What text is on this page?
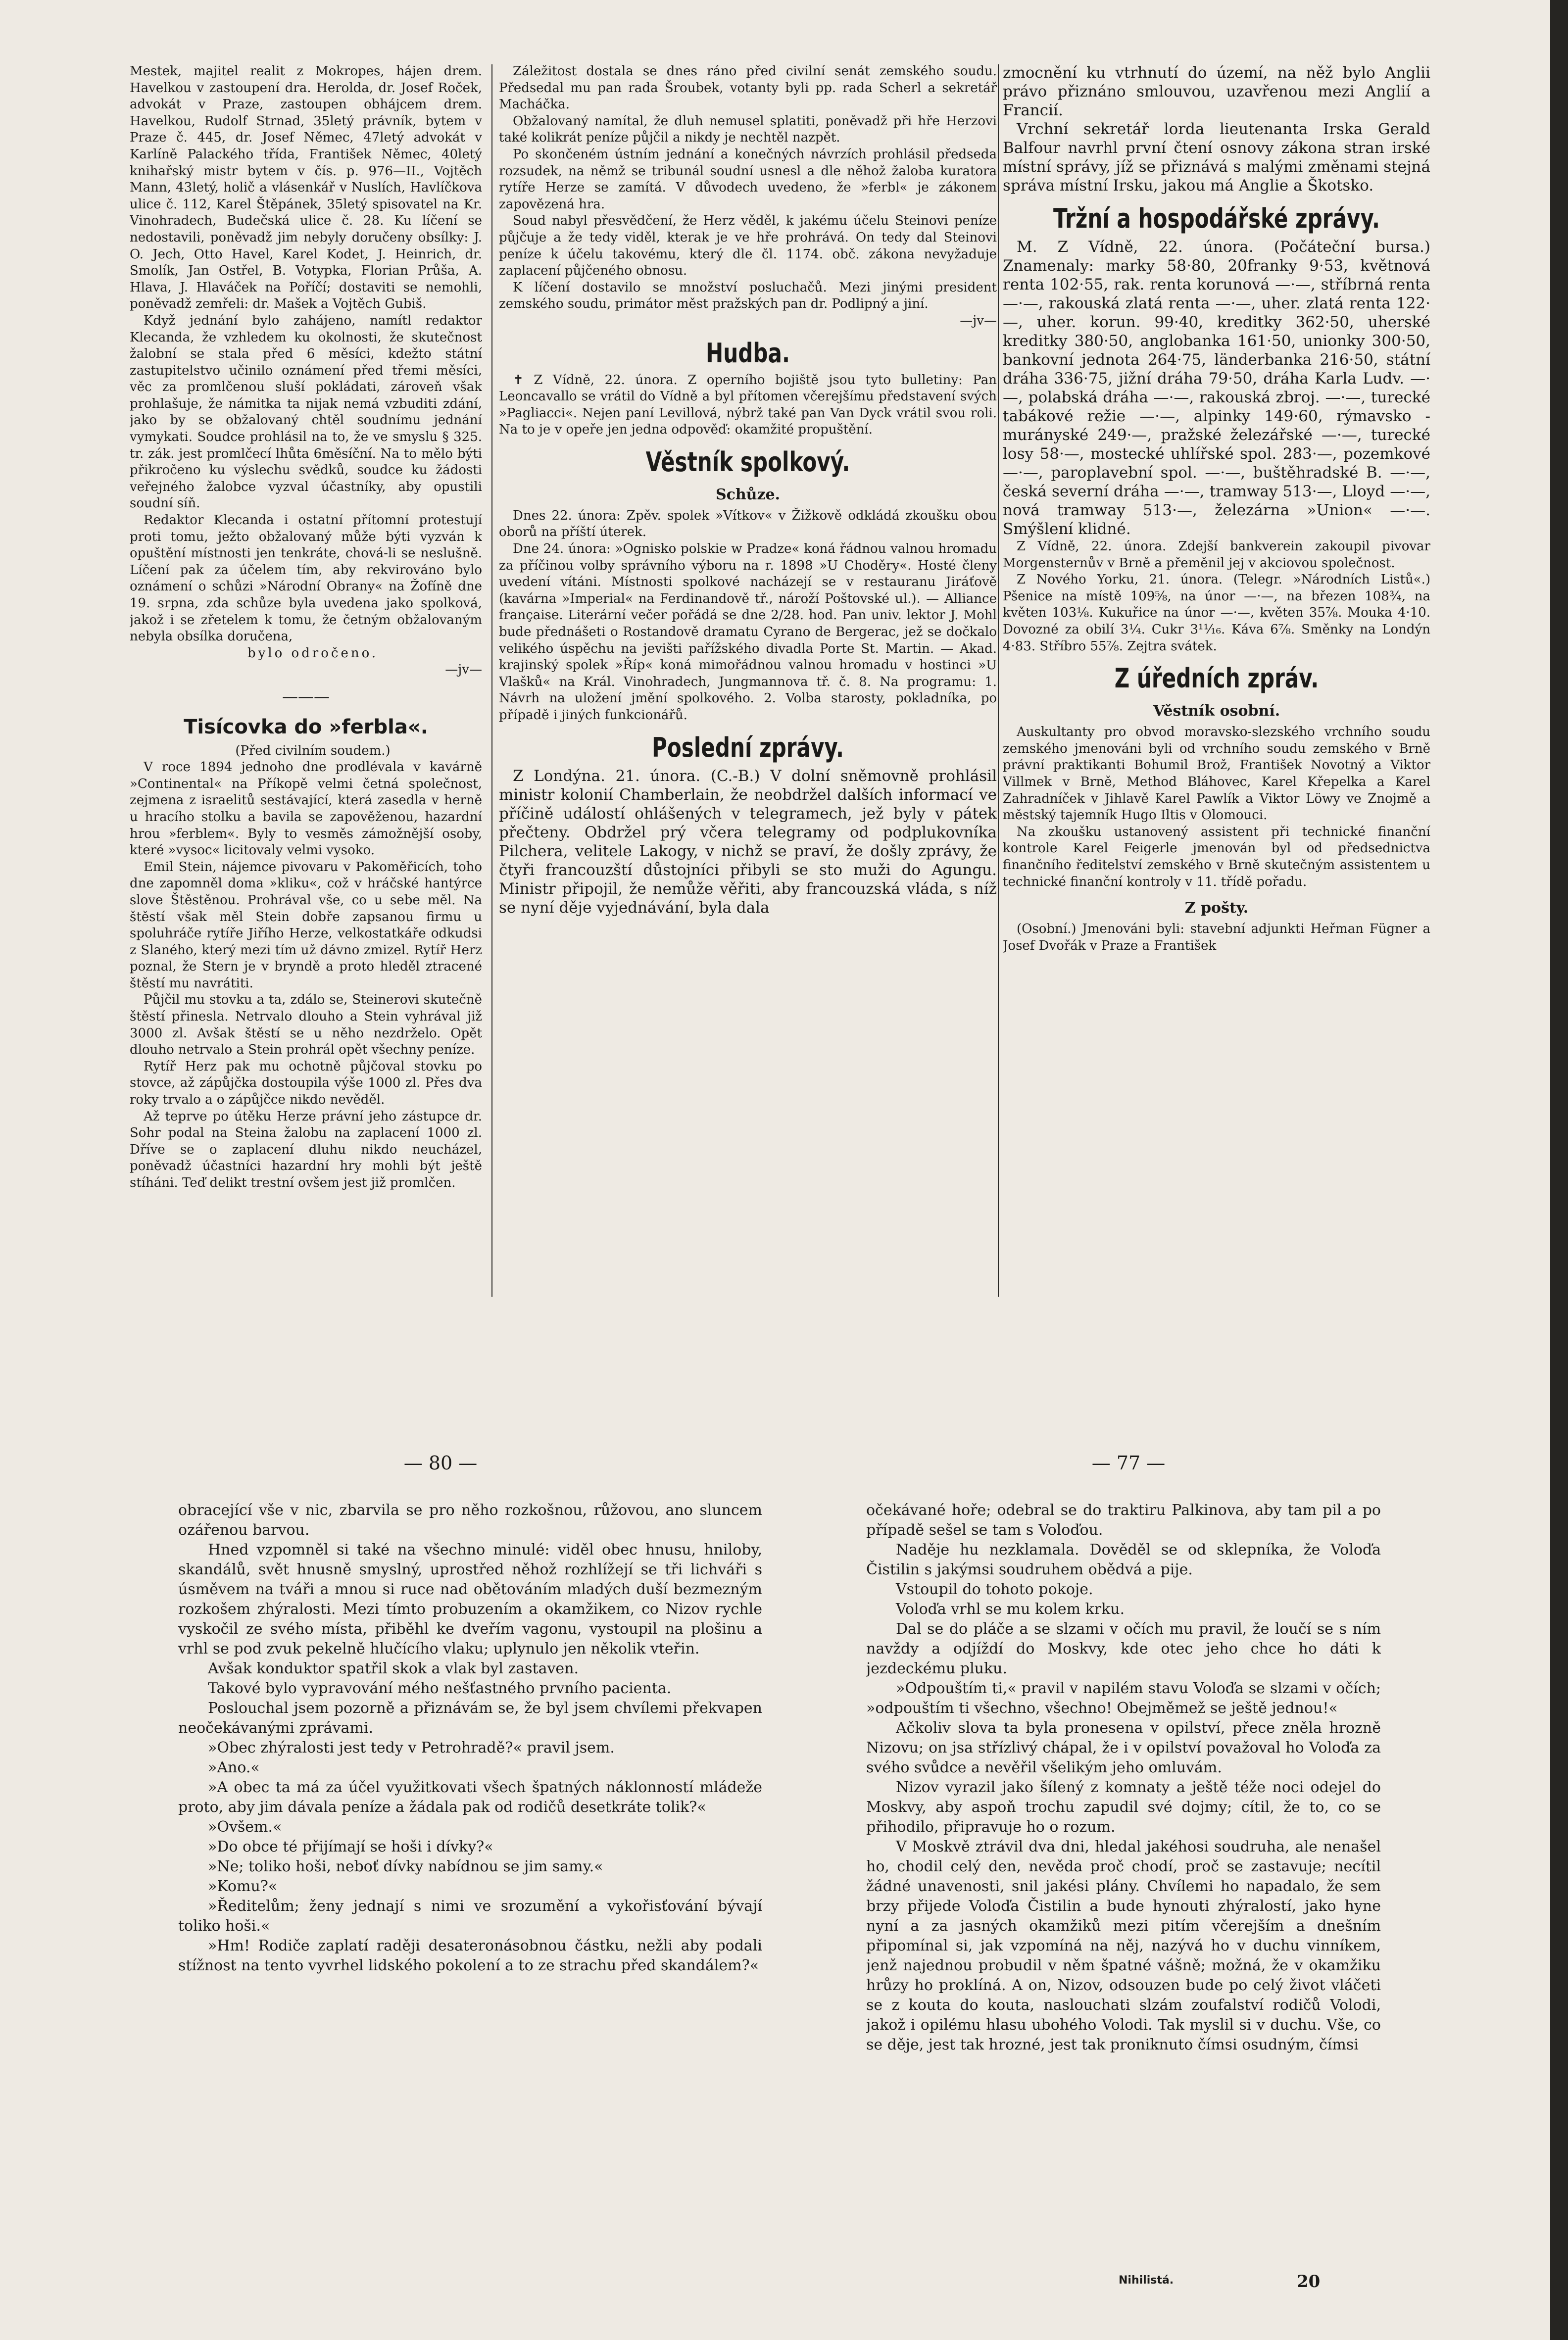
Mestek, majitel realit z Mokropes, hájen drem. Havelkou v zastoupení dra. Herolda, dr. Josef Roček, advokát v Praze, zastoupen obhájcem drem. Havelkou, Rudolf Strnad, 35letý právník, bytem v Praze č. 445, dr. Josef Němec, 47letý advokát v Karlíně Palackého třída, František Němec, 40letý knihařský mistr bytem v čís. p. 976—II., Vojtěch Mann, 43letý, holič a vlásenkář v Nuslích, Havlíčkova ulice č. 112, Karel Štěpánek, 35letý spisovatel na Kr. Vinohradech, Budečská ulice č. 28. Ku líčení se nedostavili, poněvadž jim nebyly doručeny obsílky: J. O. Jech, Otto Havel, Karel Kodet, J. Heinrich, dr. Smolík, Jan Ostřel, B. Votypka, Florian Průša, A. Hlava, J. Hlaváček na Poříčí; dostaviti se nemohli, poněvadž zemřeli: dr. Mašek a Vojtěch Gubiš.

Když jednání bylo zahájeno, namítl redaktor Klecanda, že vzhledem ku okolnosti, že skutečnost žalobní se stala před 6 měsíci, kdežto státní zastupitelstvo učinilo oznámení před třemi měsíci, věc za promlčenou sluší pokládati, zároveň však prohlašuje, že námitka ta nijak nemá vzbuditi zdání, jako by se obžalovaný chtěl soudnímu jednání vymykati. Soudce prohlásil na to, že ve smyslu § 325. tr. zák. jest promlčecí lhůta 6měsíční. Na to mělo býti přikročeno ku výslechu svědků, soudce ku žádosti veřejného žalobce vyzval účastníky, aby opustili soudní síň.

Redaktor Klecanda i ostatní přítomní protestují proti tomu, ježto obžalovaný může býti vyzván k opuštění místnosti jen tenkráte, chová-li se neslušně. Líčení pak za účelem tím, aby rekvirováno bylo oznámení o schůzi »Národní Obrany« na Žofíně dne 19. srpna, zda schůze byla uvedena jako spolková, jakož i se zřetelem k tomu, že četným obžalovaným nebyla obsílka doručena,

bylo odročeno.

—jv—

———
Tisícovka do »ferbla«.

(Před civilním soudem.)

V roce 1894 jednoho dne prodlévala v kavárně »Continental« na Příkopě velmi četná společnost, zejmena z israelitů sestávající, která zasedla v herně u hracího stolku a bavila se zapověženou, hazardní hrou »ferblem«. Byly to vesměs zámožnější osoby, které »vysoc« licitovaly velmi vysoko.

Emil Stein, nájemce pivovaru v Pakoměřicích, toho dne zapomněl doma »kliku«, což v hráčské hantýrce slove Štěstěnou. Prohrával vše, co u sebe měl. Na štěstí však měl Stein dobře zapsanou firmu u spoluhráče rytíře Jiřího Herze, velkostatkáře odkudsi z Slaného, který mezi tím už dávno zmizel. Rytíř Herz poznal, že Stern je v bryndě a proto hleděl ztracené štěstí mu navrátiti.

Půjčil mu stovku a ta, zdálo se, Steinerovi skutečně štěstí přinesla. Netrvalo dlouho a Stein vyhrával již 3000 zl. Avšak štěstí se u něho nezdrželo. Opět dlouho netrvalo a Stein prohrál opět všechny peníze.

Rytíř Herz pak mu ochotně půjčoval stovku po stovce, až zápůjčka dostoupila výše 1000 zl. Přes dva roky trvalo a o zápůjčce nikdo nevěděl.

Až teprve po útěku Herze právní jeho zástupce dr. Sohr podal na Steina žalobu na zaplacení 1000 zl. Dříve se o zaplacení dluhu nikdo neucházel, poněvadž účastníci hazardní hry mohli být ještě stíháni. Teď delikt trestní ovšem jest již promlčen.

Záležitost dostala se dnes ráno před civilní senát zemského soudu. Předsedal mu pan rada Šroubek, votanty byli pp. rada Scherl a sekretář Macháčka.

Obžalovaný namítal, že dluh nemusel splatiti, poněvadž při hře Herzovi také kolikrát peníze půjčil a nikdy je nechtěl nazpět.

Po skončeném ústním jednání a konečných návrzích prohlásil předseda rozsudek, na němž se tribunál soudní usnesl a dle něhož žaloba kuratora rytíře Herze se zamítá. V důvodech uvedeno, že »ferbl« je zákonem zapovězená hra.

Soud nabyl přesvědčení, že Herz věděl, k jakému účelu Steinovi peníze půjčuje a že tedy viděl, kterak je ve hře prohrává. On tedy dal Steinovi peníze k účelu takovému, který dle čl. 1174. obč. zákona nevyžaduje zaplacení půjčeného obnosu.

K líčení dostavilo se množství posluchačů. Mezi jinými president zemského soudu, primátor měst pražských pan dr. Podlipný a jiní.

—jv—

Hudba.

✝ Z Vídně, 22. února. Z operního bojiště jsou tyto bulletiny: Pan Leoncavallo se vrátil do Vídně a byl přítomen včerejšímu představení svých »Pagliacci«. Nejen paní Levillová, nýbrž také pan Van Dyck vrátil svou roli. Na to je v opeře jen jedna odpověď: okamžité propuštění.

Věstník spolkový.
Schůze.

Dnes 22. února: Zpěv. spolek »Vítkov« v Žižkově odkládá zkoušku obou oborů na příští úterek.

Dne 24. února: »Ognisko polskie w Pradze« koná řádnou valnou hromadu za příčinou volby správního výboru na r. 1898 »U Choděry«. Hosté členy uvedení vítáni. Místnosti spolkové nacházejí se v restauranu Jiráťově (kavárna »Imperial« na Ferdinandově tř., nároží Poštovské ul.). — Alliance française. Literární večer pořádá se dne 2/28. hod. Pan univ. lektor J. Mohl bude přednášeti o Rostandově dramatu Cyrano de Bergerac, jež se dočkalo velikého úspěchu na jevišti pařížského divadla Porte St. Martin. — Akad. krajinský spolek »Říp« koná mimořádnou valnou hromadu v hostinci »U Vlašků« na Král. Vinohradech, Jungmannova tř. č. 8. Na programu: 1. Návrh na uložení jmění spolkového. 2. Volba starosty, pokladníka, po případě i jiných funkcionářů.

Poslední zprávy.

Z Londýna. 21. února. (C.-B.) V dolní sněmovně prohlásil ministr kolonií Chamberlain, že neobdržel dalších informací ve příčině událostí ohlášených v telegramech, jež byly v pátek přečteny. Obdržel prý včera telegramy od podplukovníka Pilchera, velitele Lakogy, v nichž se praví, že došly zprávy, že čtyři francouzští důstojníci přibyli se sto muži do Agungu. Ministr připojil, že nemůže věřiti, aby francouzská vláda, s níž se nyní děje vyjednávání, byla dala

zmocnění ku vtrhnutí do území, na něž bylo Anglii právo přiznáno smlouvou, uzavřenou mezi Anglií a Francií.

Vrchní sekretář lorda lieutenanta Irska Gerald Balfour navrhl první čtení osnovy zákona stran irské místní správy, jíž se přiznává s malými změnami stejná správa místní Irsku, jakou má Anglie a Škotsko.

Tržní a hospodářské zprávy.

M. Z Vídně, 22. února. (Počáteční bursa.) Znamenaly: marky 58·80, 20franky 9·53, květnová renta 102·55, rak. renta korunová —·—, stříbrná renta —·—, rakouská zlatá renta —·—, uher. zlatá renta 122·—, uher. korun. 99·40, kreditky 362·50, uherské kreditky 380·50, anglobanka 161·50, unionky 300·50, bankovní jednota 264·75, länderbanka 216·50, státní dráha 336·75, jižní dráha 79·50, dráha Karla Ludv. —·—, polabská dráha —·—, rakouská zbroj. —·—, turecké tabákové režie —·—, alpinky 149·60, rýmavsko - murányské 249·—, pražské železářské —·—, turecké losy 58·—, mostecké uhlířské spol. 283·—, pozemkové —·—, paroplavební spol. —·—, buštěhradské B. —·—, česká severní dráha —·—, tramway 513·—, Lloyd —·—, nová tramway 513·—, železárna »Union« —·—. Smýšlení klidné.

Z Vídně, 22. února. Zdejší bankverein zakoupil pivovar Morgensternův v Brně a přeměnil jej v akciovou společnost.

Z Nového Yorku, 21. února. (Telegr. »Národních Listů«.) Pšenice na místě 109⅝, na únor —·—, na březen 108¾, na květen 103⅛. Kukuřice na únor —·—, květen 35⅞. Mouka 4·10. Dovozné za obilí 3¼. Cukr 3¹¹⁄₁₆. Káva 6⅞. Směnky na Londýn 4·83. Stříbro 55⅞. Zejtra svátek.

Z úředních zpráv.
Věstník osobní.

Auskultanty pro obvod moravsko-slezského vrchního soudu zemského jmenováni byli od vrchního soudu zemského v Brně právní praktikanti Bohumil Brož, František Novotný a Viktor Villmek v Brně, Method Bláhovec, Karel Křepelka a Karel Zahradníček v Jihlavě Karel Pawlík a Viktor Löwy ve Znojmě a městský tajemník Hugo Iltis v Olomouci.

Na zkoušku ustanovený assistent při technické finanční kontrole Karel Feigerle jmenován byl od předsednictva finančního ředitelství zemského v Brně skutečným assistentem u technické finanční kontroly v 11. třídě pořadu.

Z pošty.

(Osobní.) Jmenováni byli: stavební adjunkti Heřman Fügner a Josef Dvořák v Praze a František

— 80 —	— 77 —

obracející vše v nic, zbarvila se pro něho rozkošnou, růžovou, ano sluncem ozářenou barvou.

Hned vzpomněl si také na všechno minulé: viděl obec hnusu, hniloby, skandálů, svět hnusně smyslný, uprostřed něhož rozhlížejí se tři lichváři s úsměvem na tváři a mnou si ruce nad obětováním mladých duší bezmezným rozkošem zhýralosti. Mezi tímto probuzením a okamžikem, co Nizov rychle vyskočil ze svého místa, přiběhl ke dveřím vagonu, vystoupil na plošinu a vrhl se pod zvuk pekelně hlučícího vlaku; uplynulo jen několik vteřin.

Avšak konduktor spatřil skok a vlak byl zastaven.

Takové bylo vypravování mého nešťastného prvního pacienta.

Poslouchal jsem pozorně a přiznávám se, že byl jsem chvílemi překvapen neočekávanými zprávami.

»Obec zhýralosti jest tedy v Petrohradě?« pravil jsem.

»Ano.«

»A obec ta má za účel využitkovati všech špatných náklonností mládeže proto, aby jim dávala peníze a žádala pak od rodičů desetkráte tolik?«

»Ovšem.«

»Do obce té přijímají se hoši i dívky?«

»Ne; toliko hoši, neboť dívky nabídnou se jim samy.«

»Komu?«

»Ředitelům; ženy jednají s nimi ve srozumění a vykořisťování bývají toliko hoši.«

»Hm! Rodiče zaplatí raději desateronásobnou částku, nežli aby podali stížnost na tento vyvrhel lidského pokolení a to ze strachu před skandálem?«

očekávané hoře; odebral se do traktiru Palkinova, aby tam pil a po případě sešel se tam s Voloďou.

Naděje hu nezklamala. Dověděl se od sklepníka, že Voloďa Čistilin s jakýmsi soudruhem obědvá a pije.

Vstoupil do tohoto pokoje.

Voloďa vrhl se mu kolem krku.

Dal se do pláče a se slzami v očích mu pravil, že loučí se s ním navždy a odjíždí do Moskvy, kde otec jeho chce ho dáti k jezdeckému pluku.

»Odpouštím ti,« pravil v napilém stavu Voloďa se slzami v očích; »odpouštím ti všechno, všechno! Obejměmež se ještě jednou!«

Ačkoliv slova ta byla pronesena v opilství, přece zněla hrozně Nizovu; on jsa střízlivý chápal, že i v opilství považoval ho Voloďa za svého svůdce a nevěřil všelikým jeho omluvám.

Nizov vyrazil jako šílený z komnaty a ještě téže noci odejel do Moskvy, aby aspoň trochu zapudil své dojmy; cítil, že to, co se přihodilo, připravuje ho o rozum.

V Moskvě ztrávil dva dni, hledal jakéhosi soudruha, ale nenašel ho, chodil celý den, nevěda proč chodí, proč se zastavuje; necítil žádné unavenosti, snil jakési plány. Chvílemi ho napadalo, že sem brzy přijede Voloďa Čistilin a bude hynouti zhýralostí, jako hyne nyní a za jasných okamžiků mezi pitím včerejším a dnešním připomínal si, jak vzpomíná na něj, nazývá ho v duchu vinníkem, jenž najednou probudil v něm špatné vášně; možná, že v okamžiku hrůzy ho proklíná. A on, Nizov, odsouzen bude po celý život vláčeti se z kouta do kouta, naslouchati slzám zoufalství rodičů Volodi, jakož i opilému hlasu ubohého Volodi. Tak myslil si v duchu. Vše, co se děje, jest tak hrozné, jest tak proniknuto čímsi osudným, čímsi

Nihilistá.	20
